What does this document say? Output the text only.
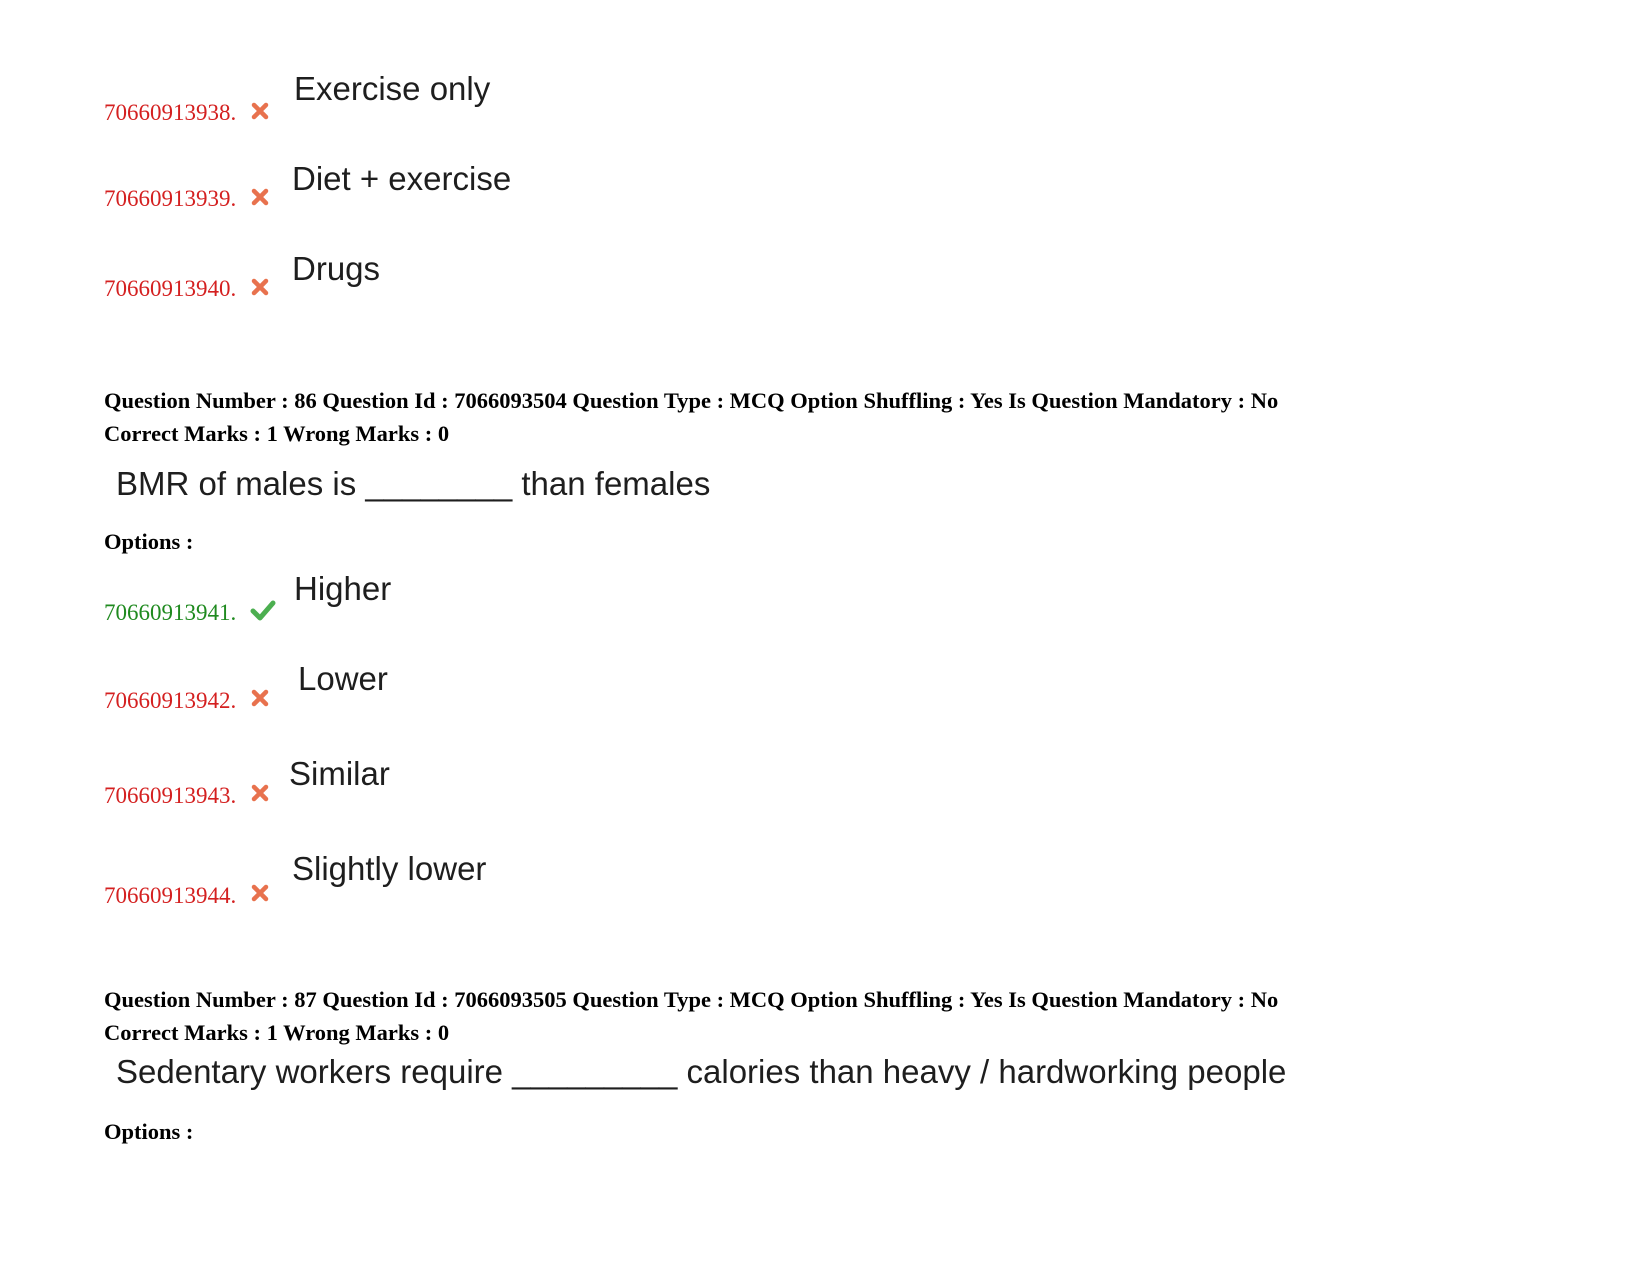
70660913938.
Exercise only
70660913939.
Diet + exercise
70660913940.
Drugs
Question Number : 86 Question Id : 7066093504 Question Type : MCQ Option Shuffling : Yes Is Question Mandatory : No
Correct Marks : 1 Wrong Marks : 0
BMR of males is ________ than females
Options :
70660913941.
Higher
70660913942.
Lower
70660913943.
Similar
70660913944.
Slightly lower
Question Number : 87 Question Id : 7066093505 Question Type : MCQ Option Shuffling : Yes Is Question Mandatory : No
Correct Marks : 1 Wrong Marks : 0
Sedentary workers require _________ calories than heavy / hardworking people
Options :
